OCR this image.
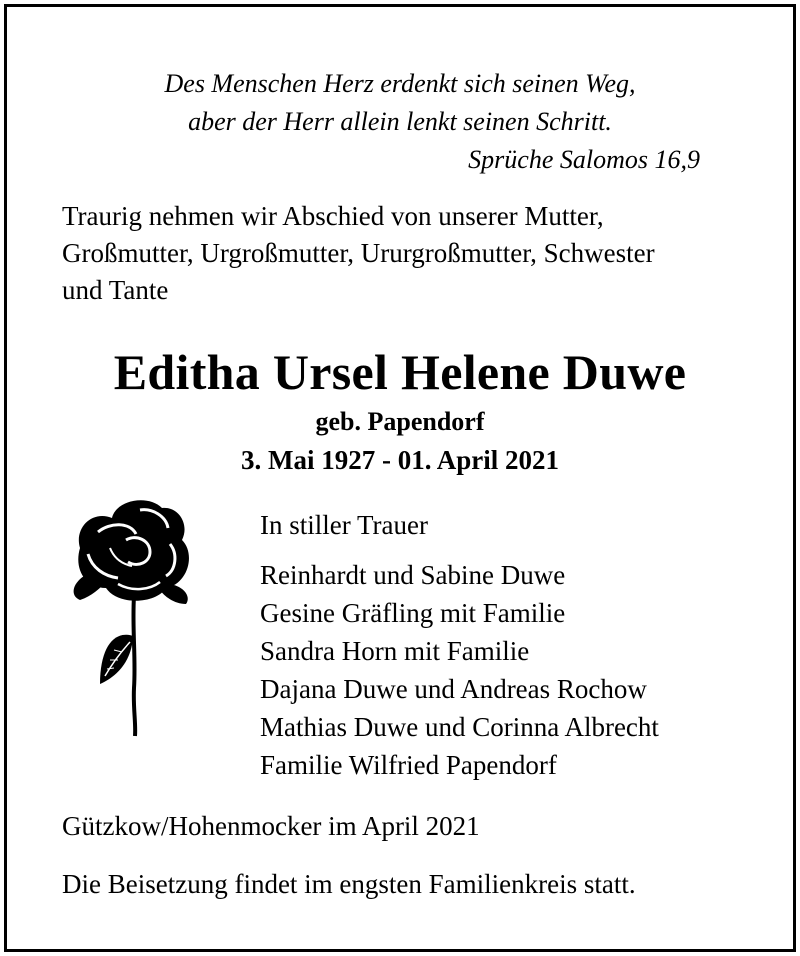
Des Menschen Herz erdenkt sich seinen Weg,
aber der Herr allein lenkt seinen Schritt.
Sprüche Salomos 16,9
Traurig nehmen wir Abschied von unserer Mutter,
Großmutter, Urgroßmutter, Ururgroßmutter, Schwester
und Tante
Editha Ursel Helene Duwe
geb. Papendorf
3. Mai 1927 - 01. April 2021
In stiller Trauer
Reinhardt und Sabine Duwe
Gesine Gräfling mit Familie
Sandra Horn mit Familie
Dajana Duwe und Andreas Rochow
Mathias Duwe und Corinna Albrecht
Familie Wilfried Papendorf
Gützkow/Hohenmocker im April 2021
Die Beisetzung findet im engsten Familienkreis statt.
